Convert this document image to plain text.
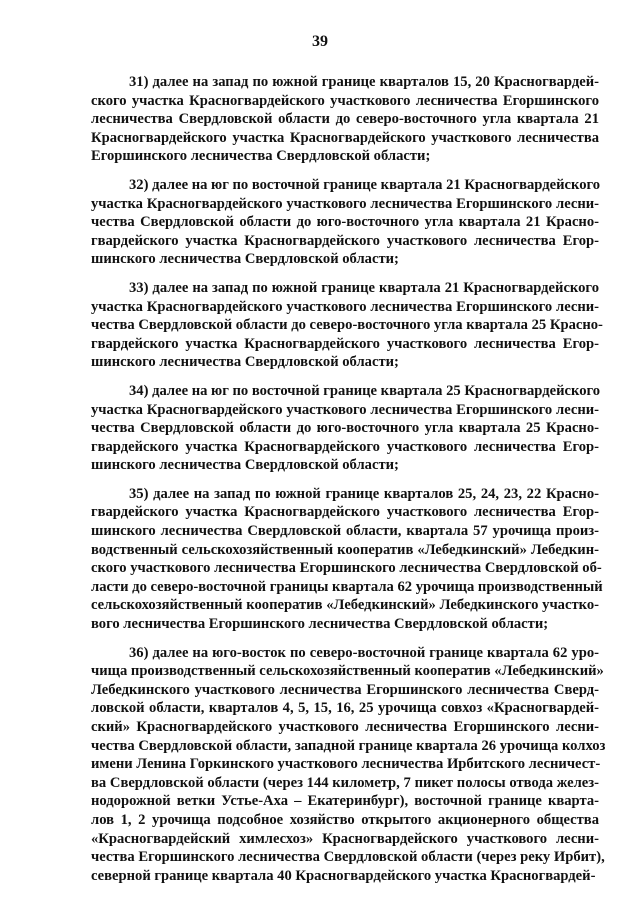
39
31) далее на запад по южной границе кварталов 15, 20 Красногвардей-
ского участка Красногвардейского участкового лесничества Егоршинского
лесничества Свердловской области до северо-восточного угла квартала 21
Красногвардейского участка Красногвардейского участкового лесничества
Егоршинского лесничества Свердловской области;
32) далее на юг по восточной границе квартала 21 Красногвардейского
участка Красногвардейского участкового лесничества Егоршинского лесни-
чества Свердловской области до юго-восточного угла квартала 21 Красно-
гвардейского участка Красногвардейского участкового лесничества Егор-
шинского лесничества Свердловской области;
33) далее на запад по южной границе квартала 21 Красногвардейского
участка Красногвардейского участкового лесничества Егоршинского лесни-
чества Свердловской области до северо-восточного угла квартала 25 Красно-
гвардейского участка Красногвардейского участкового лесничества Егор-
шинского лесничества Свердловской области;
34) далее на юг по восточной границе квартала 25 Красногвардейского
участка Красногвардейского участкового лесничества Егоршинского лесни-
чества Свердловской области до юго-восточного угла квартала 25 Красно-
гвардейского участка Красногвардейского участкового лесничества Егор-
шинского лесничества Свердловской области;
35) далее на запад по южной границе кварталов 25, 24, 23, 22 Красно-
гвардейского участка Красногвардейского участкового лесничества Егор-
шинского лесничества Свердловской области, квартала 57 урочища произ-
водственный сельскохозяйственный кооператив «Лебедкинский» Лебедкин-
ского участкового лесничества Егоршинского лесничества Свердловской об-
ласти до северо-восточной границы квартала 62 урочища производственный
сельскохозяйственный кооператив «Лебедкинский» Лебедкинского участко-
вого лесничества Егоршинского лесничества Свердловской области;
36) далее на юго-восток по северо-восточной границе квартала 62 уро-
чища производственный сельскохозяйственный кооператив «Лебедкинский»
Лебедкинского участкового лесничества Егоршинского лесничества Сверд-
ловской области, кварталов 4, 5, 15, 16, 25 урочища совхоз «Красногвардей-
ский» Красногвардейского участкового лесничества Егоршинского лесни-
чества Свердловской области, западной границе квартала 26 урочища колхоз
имени Ленина Горкинского участкового лесничества Ирбитского лесничест-
ва Свердловской области (через 144 километр, 7 пикет полосы отвода желез-
нодорожной ветки Устье-Аха – Екатеринбург), восточной границе кварта-
лов 1, 2 урочища подсобное хозяйство открытого акционерного общества
«Красногвардейский химлесхоз» Красногвардейского участкового лесни-
чества Егоршинского лесничества Свердловской области (через реку Ирбит),
северной границе квартала 40 Красногвардейского участка Красногвардей-
